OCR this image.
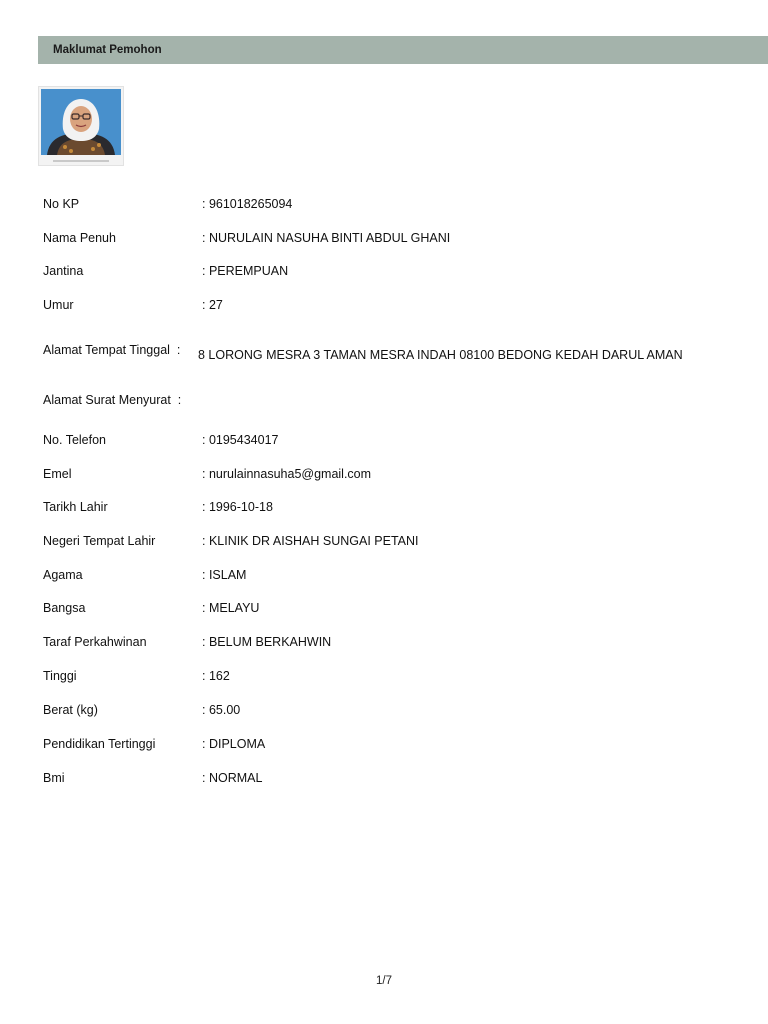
Maklumat Pemohon
No KP	: 961018265094
Nama Penuh	: NURULAIN NASUHA BINTI ABDUL GHANI
Jantina	: PEREMPUAN
Umur	: 27
Alamat Tempat Tinggal  :	8 LORONG MESRA 3 TAMAN MESRA INDAH 08100 BEDONG KEDAH DARUL AMAN
Alamat Surat Menyurat  :
No. Telefon	: 0195434017
Emel	: nurulainnasuha5@gmail.com
Tarikh Lahir	: 1996-10-18
Negeri Tempat Lahir	: KLINIK DR AISHAH SUNGAI PETANI
Agama	: ISLAM
Bangsa	: MELAYU
Taraf Perkahwinan	: BELUM BERKAHWIN
Tinggi	: 162
Berat (kg)	: 65.00
Pendidikan Tertinggi	: DIPLOMA
Bmi	: NORMAL
1/7
